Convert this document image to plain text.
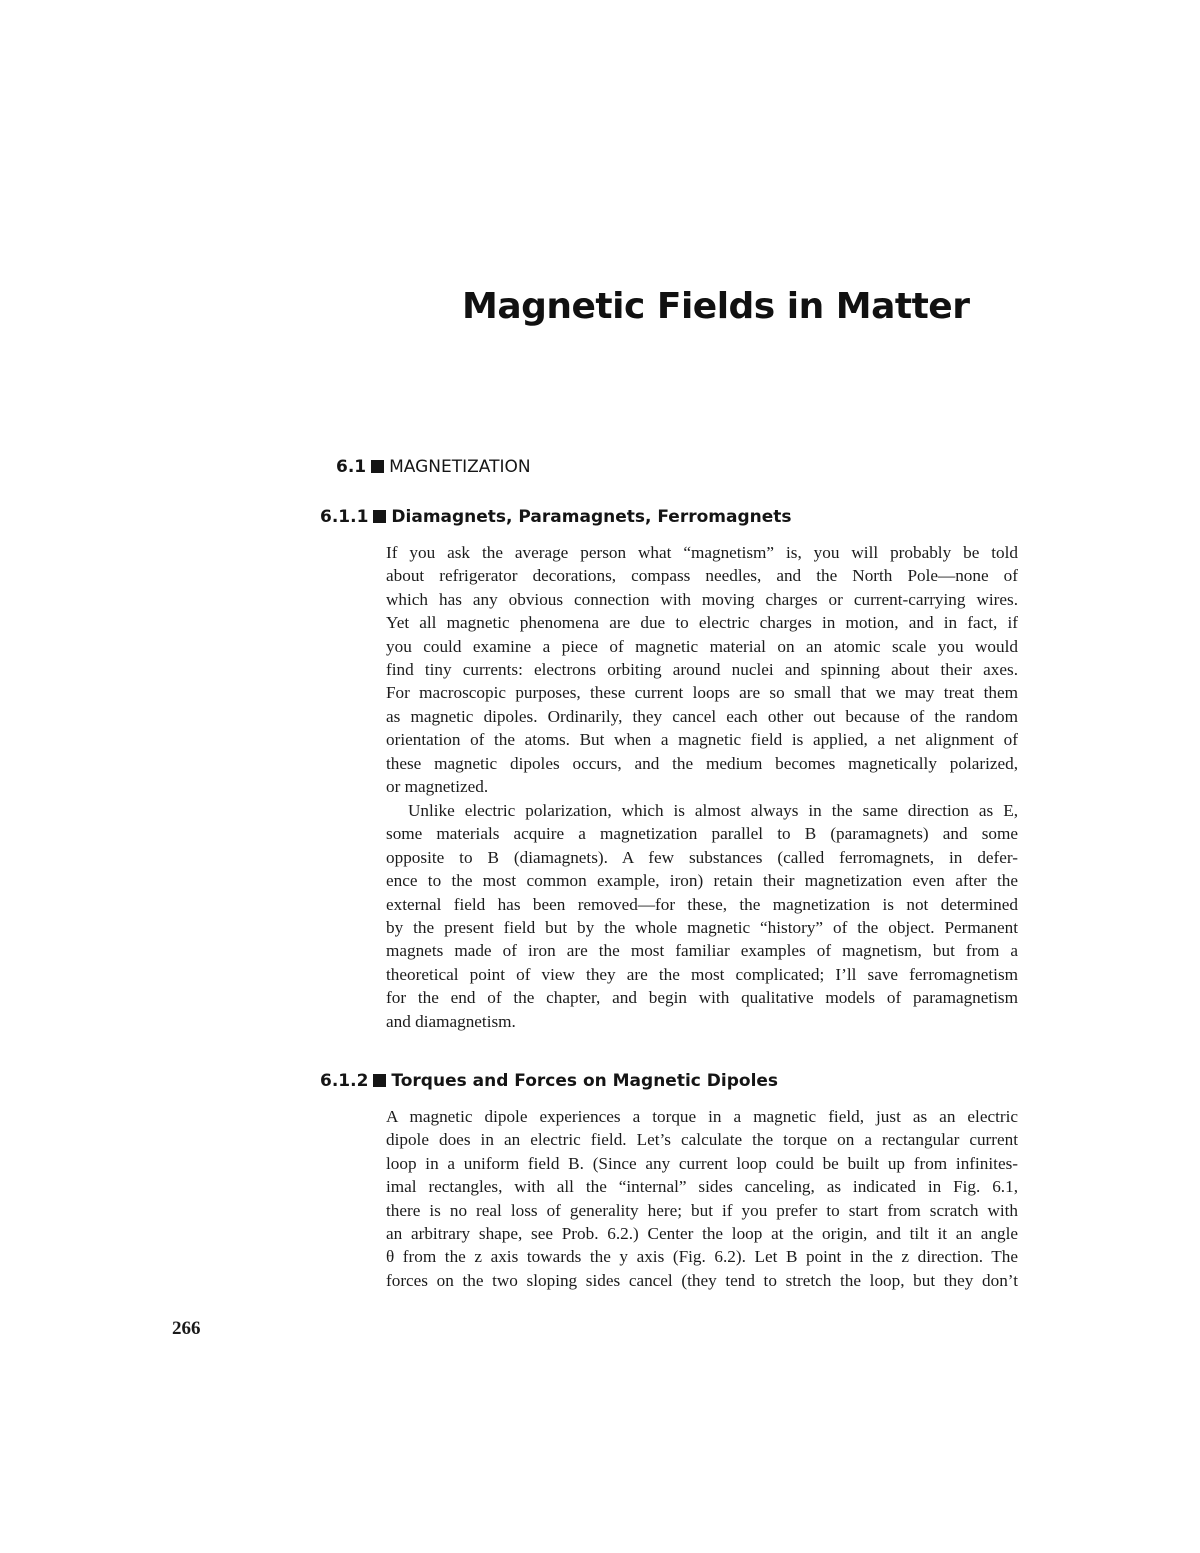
Magnetic Fields in Matter
6.1 MAGNETIZATION
6.1.1 Diamagnets, Paramagnets, Ferromagnets
If you ask the average person what “magnetism” is, you will probably be told
about refrigerator decorations, compass needles, and the North Pole—none of
which has any obvious connection with moving charges or current-carrying wires.
Yet all magnetic phenomena are due to electric charges in motion, and in fact, if
you could examine a piece of magnetic material on an atomic scale you would
find tiny currents: electrons orbiting around nuclei and spinning about their axes.
For macroscopic purposes, these current loops are so small that we may treat them
as magnetic dipoles. Ordinarily, they cancel each other out because of the random
orientation of the atoms. But when a magnetic field is applied, a net alignment of
these magnetic dipoles occurs, and the medium becomes magnetically polarized,
or magnetized.
Unlike electric polarization, which is almost always in the same direction as E,
some materials acquire a magnetization parallel to B (paramagnets) and some
opposite to B (diamagnets). A few substances (called ferromagnets, in defer-
ence to the most common example, iron) retain their magnetization even after the
external field has been removed—for these, the magnetization is not determined
by the present field but by the whole magnetic “history” of the object. Permanent
magnets made of iron are the most familiar examples of magnetism, but from a
theoretical point of view they are the most complicated; I’ll save ferromagnetism
for the end of the chapter, and begin with qualitative models of paramagnetism
and diamagnetism.
6.1.2 Torques and Forces on Magnetic Dipoles
A magnetic dipole experiences a torque in a magnetic field, just as an electric
dipole does in an electric field. Let’s calculate the torque on a rectangular current
loop in a uniform field B. (Since any current loop could be built up from infinites-
imal rectangles, with all the “internal” sides canceling, as indicated in Fig. 6.1,
there is no real loss of generality here; but if you prefer to start from scratch with
an arbitrary shape, see Prob. 6.2.) Center the loop at the origin, and tilt it an angle
θ from the z axis towards the y axis (Fig. 6.2). Let B point in the z direction. The
forces on the two sloping sides cancel (they tend to stretch the loop, but they don’t
266
